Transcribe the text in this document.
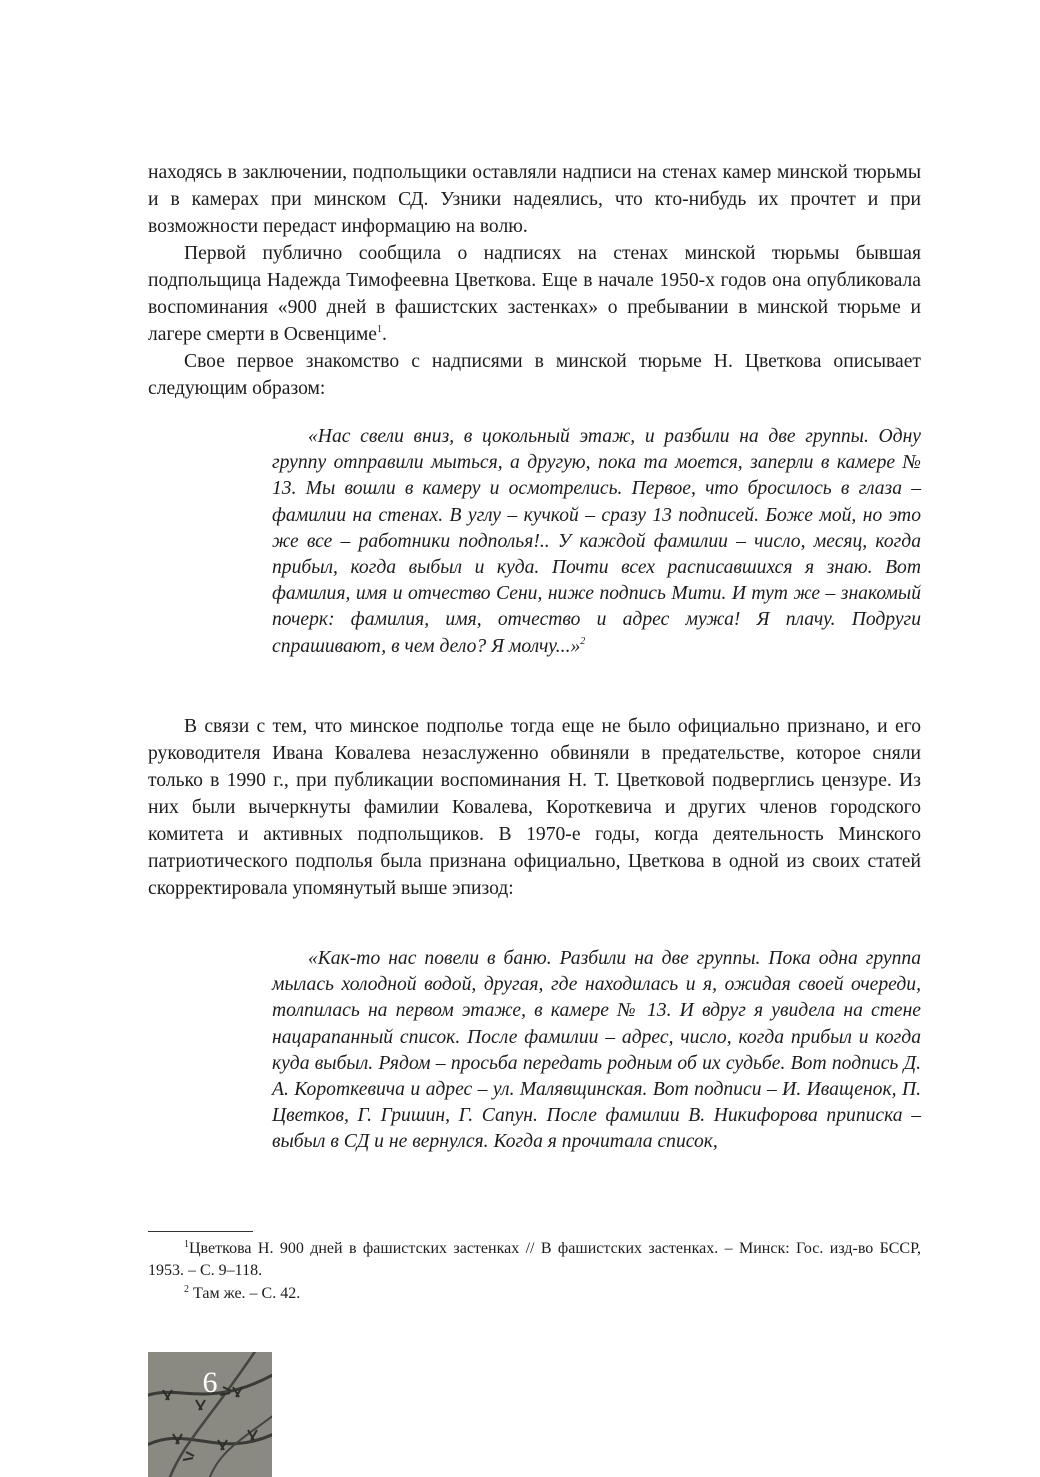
находясь в заключении, подпольщики оставляли надписи на стенах камер минской тюрьмы и в камерах при минском СД. Узники надеялись, что кто-нибудь их прочтет и при возможности передаст информацию на волю.

Первой публично сообщила о надписях на стенах минской тюрьмы бывшая подпольщица Надежда Тимофеевна Цветкова. Еще в начале 1950-х годов она опубликовала воспоминания «900 дней в фашистских застенках» о пребывании в минской тюрьме и лагере смерти в Освенциме$^1$.

Свое первое знакомство с надписями в минской тюрьме Н. Цветкова описывает следующим образом:

«Нас свели вниз, в цокольный этаж, и разбили на две группы. Одну группу отправили мыться, а другую, пока та моется, заперли в камере № 13. Мы вошли в камеру и осмотрелись. Первое, что бросилось в глаза – фамилии на стенах. В углу – кучкой – сразу 13 подписей. Боже мой, но это же все – работники подполья!.. У каждой фамилии – число, месяц, когда прибыл, когда выбыл и куда. Почти всех расписавшихся я знаю. Вот фамилия, имя и отчество Сени, ниже подпись Мити. И тут же – знакомый почерк: фамилия, имя, отчество и адрес мужа! Я плачу. Подруги спрашивают, в чем дело? Я молчу...»$^2$

В связи с тем, что минское подполье тогда еще не было официально признано, и его руководителя Ивана Ковалева незаслуженно обвиняли в предательстве, которое сняли только в 1990 г., при публикации воспоминания Н. Т. Цветковой подверглись цензуре. Из них были вычеркнуты фамилии Ковалева, Короткевича и других членов городского комитета и активных подпольщиков. В 1970-е годы, когда деятельность Минского патриотического подполья была признана официально, Цветкова в одной из своих статей скорректировала упомянутый выше эпизод:

«Как-то нас повели в баню. Разбили на две группы. Пока одна группа мылась холодной водой, другая, где находилась и я, ожидая своей очереди, толпилась на первом этаже, в камере № 13. И вдруг я увидела на стене нацарапанный список. После фамилии – адрес, число, когда прибыл и когда куда выбыл. Рядом – просьба передать родным об их судьбе. Вот подпись Д. А. Короткевича и адрес – ул. Малявщинская. Вот подписи – И. Иващенок, П. Цветков, Г. Гришин, Г. Сапун. После фамилии В. Никифорова приписка – выбыл в СД и не вернулся. Когда я прочитала список,

$^1$Цветкова Н. 900 дней в фашистских застенках // В фашистских застенках. – Минск: Гос. изд-во БССР, 1953. – С. 9–118.

$^2$ Там же. – С. 42.

6
